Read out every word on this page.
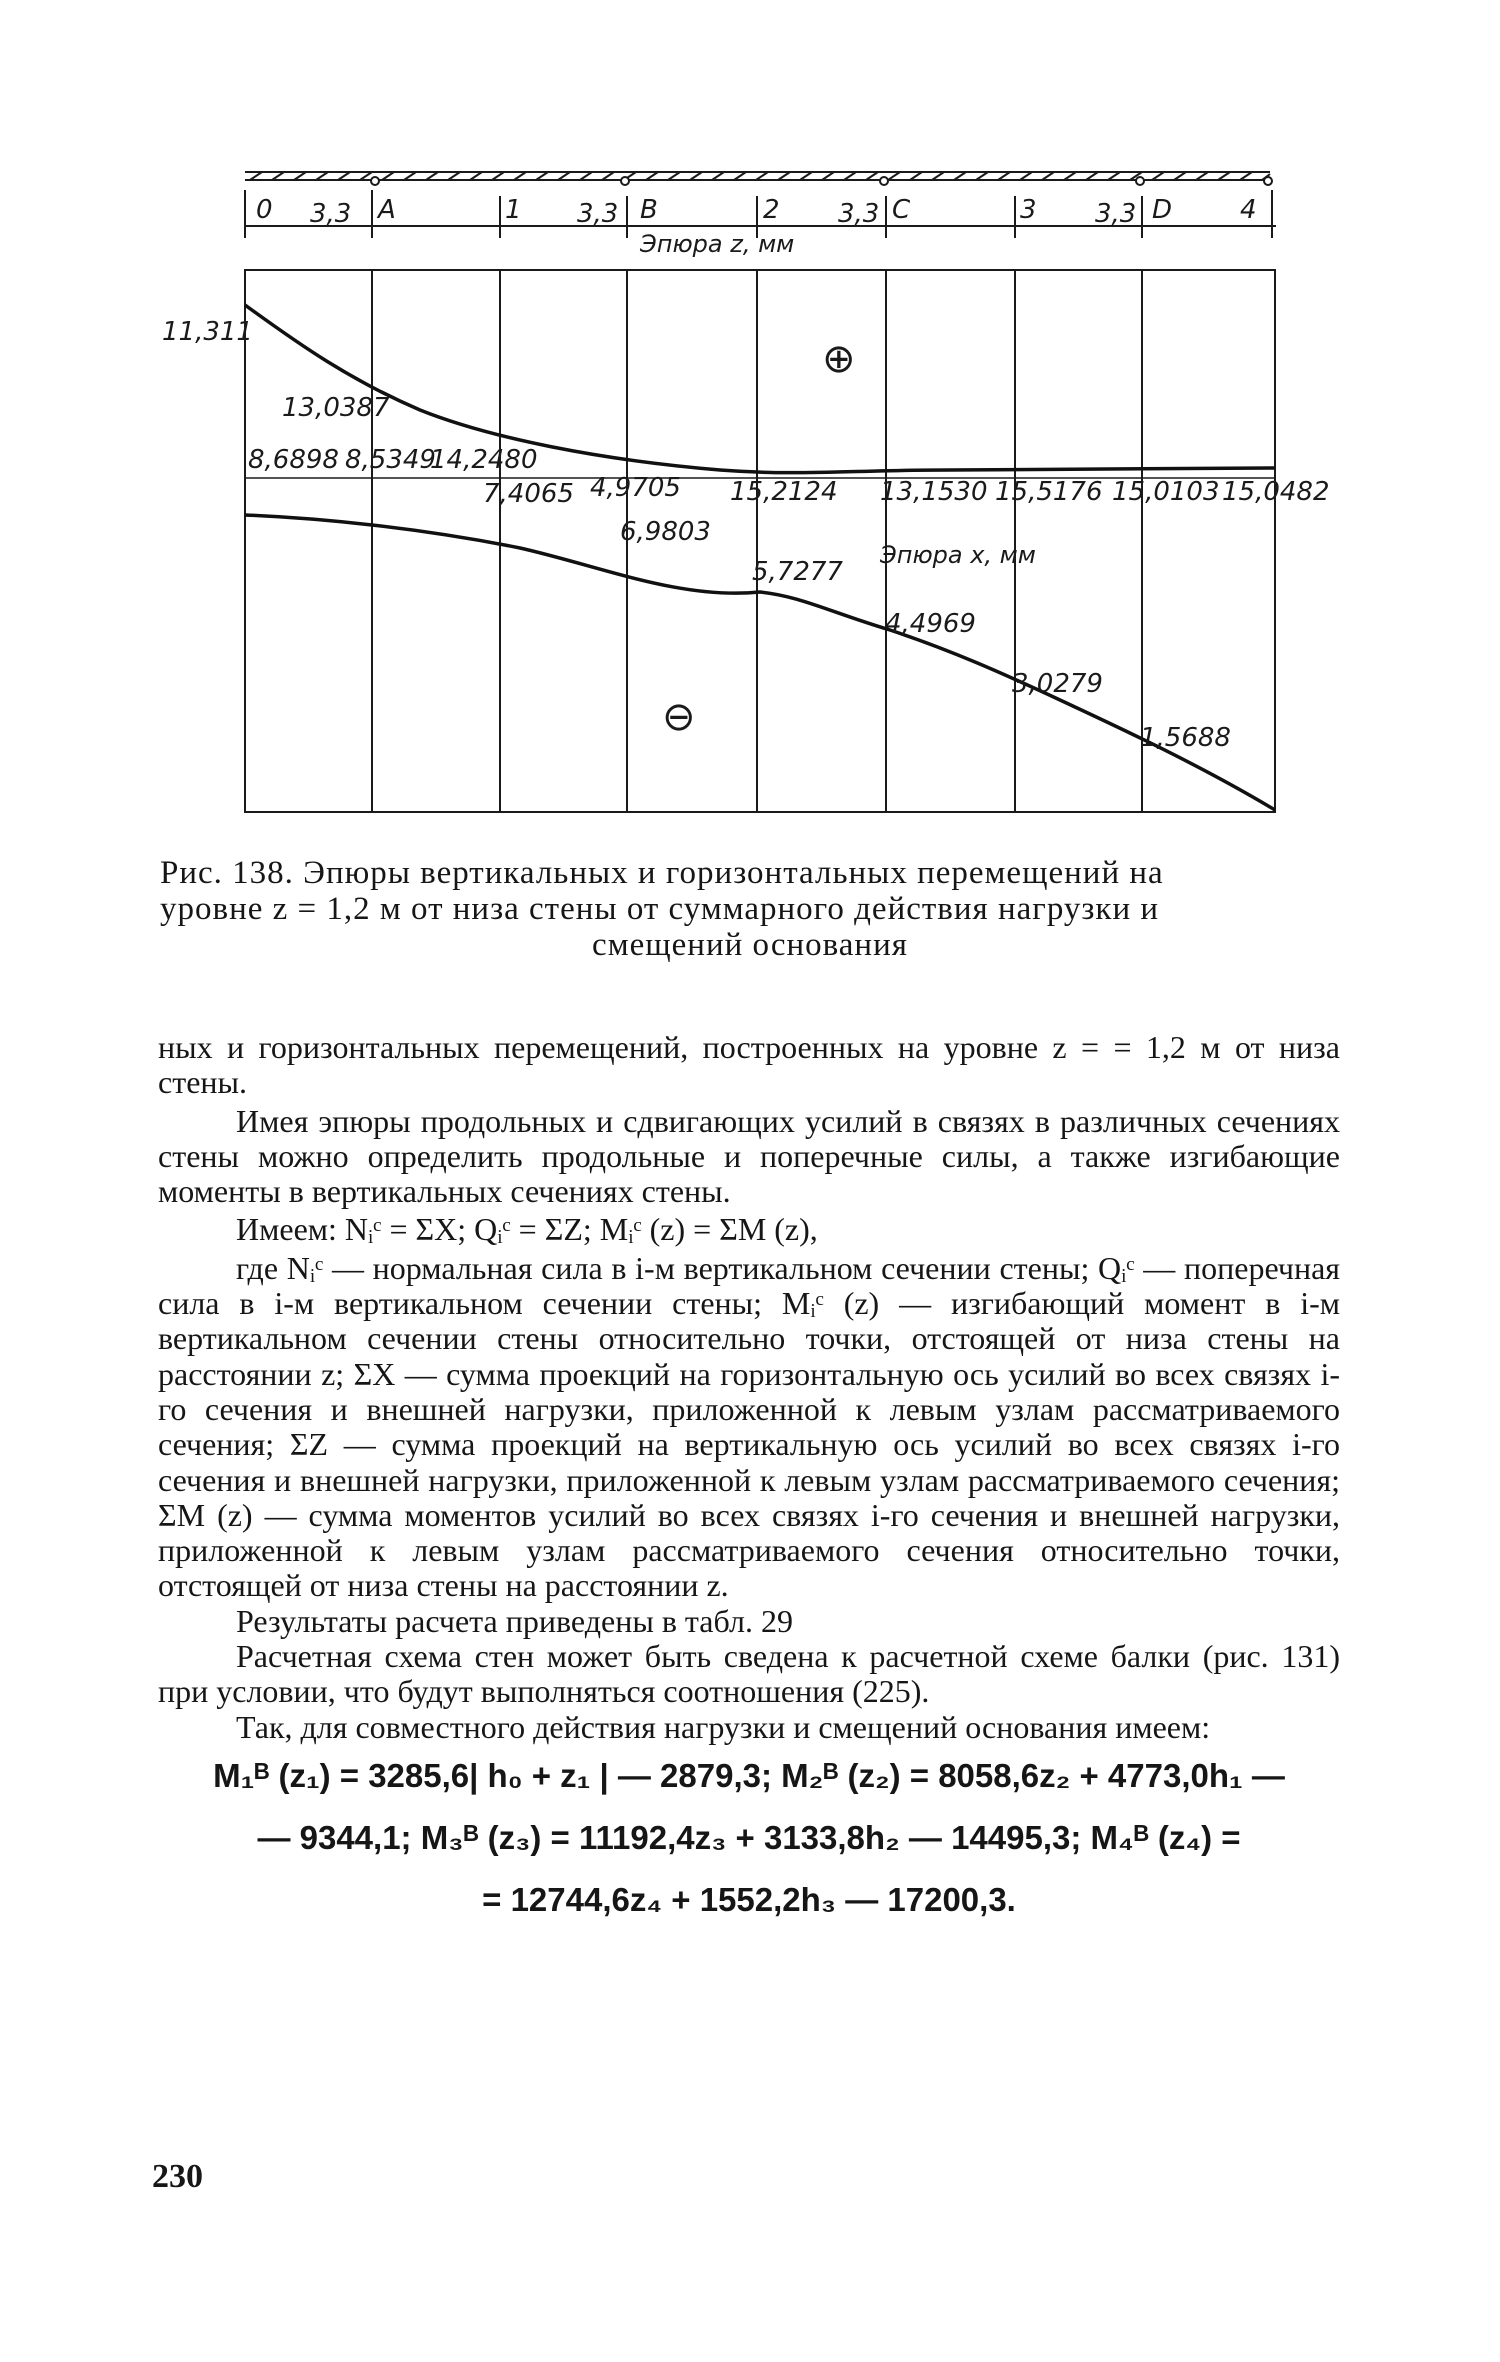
0 3,3 A	1 3,3 B	2 3,3 C	3 3,3 D	4
Эпюра z, мм
11,311
13,0387
14,2480
4,9705 15,2124 13,1530 15,5176 15,0103 15,0482
8,6898 8,5349
7,4065
6,9803
5,7277
4,4969
3,0279
1,5688
Эпюра х, мм
⊕
⊖
Рис. 138. Эпюры вертикальных и горизонтальных перемещений на
уровне z = 1,2 м от низа стены от суммарного действия нагрузки и
смещений основания

ных и горизонтальных перемещений, построенных на уровне z = = 1,2 м от низа стены.

Имея эпюры продольных и сдвигающих усилий в связях в различных сечениях стены можно определить продольные и поперечные силы, а также изгибающие моменты в вертикальных сечениях стены.

Имеем: Nᵢᶜ = ΣX; Qᵢᶜ = ΣZ; Mᵢᶜ (z) = ΣM (z),

где Nᵢᶜ — нормальная сила в i-м вертикальном сечении стены; Qᵢᶜ — поперечная сила в i-м вертикальном сечении стены; Mᵢᶜ (z) — изгибающий момент в i-м вертикальном сечении стены относительно точки, отстоящей от низа стены на расстоянии z; ΣX — сумма проекций на горизонтальную ось усилий во всех связях i-го сечения и внешней нагрузки, приложенной к левым узлам рассматриваемого сечения; ΣZ — сумма проекций на вертикальную ось усилий во всех связях i-го сечения и внешней нагрузки, приложенной к левым узлам рассматриваемого сечения; ΣM (z) — сумма моментов усилий во всех связях i-го сечения и внешней нагрузки, приложенной к левым узлам рассматриваемого сечения относительно точки, отстоящей от низа стены на расстоянии z.

Результаты расчета приведены в табл. 29

Расчетная схема стен может быть сведена к расчетной схеме балки (рис. 131) при условии, что будут выполняться соотношения (225).

Так, для совместного действия нагрузки и смещений основания имеем:

M₁ᴮ (z₁) = 3285,6| h₀ + z₁ | — 2879,3; M₂ᴮ (z₂) = 8058,6z₂ + 4773,0h₁ —
— 9344,1; M₃ᴮ (z₃) = 11192,4z₃ + 3133,8h₂ — 14495,3; M₄ᴮ (z₄) =
= 12744,6z₄ + 1552,2h₃ — 17200,3.
230
